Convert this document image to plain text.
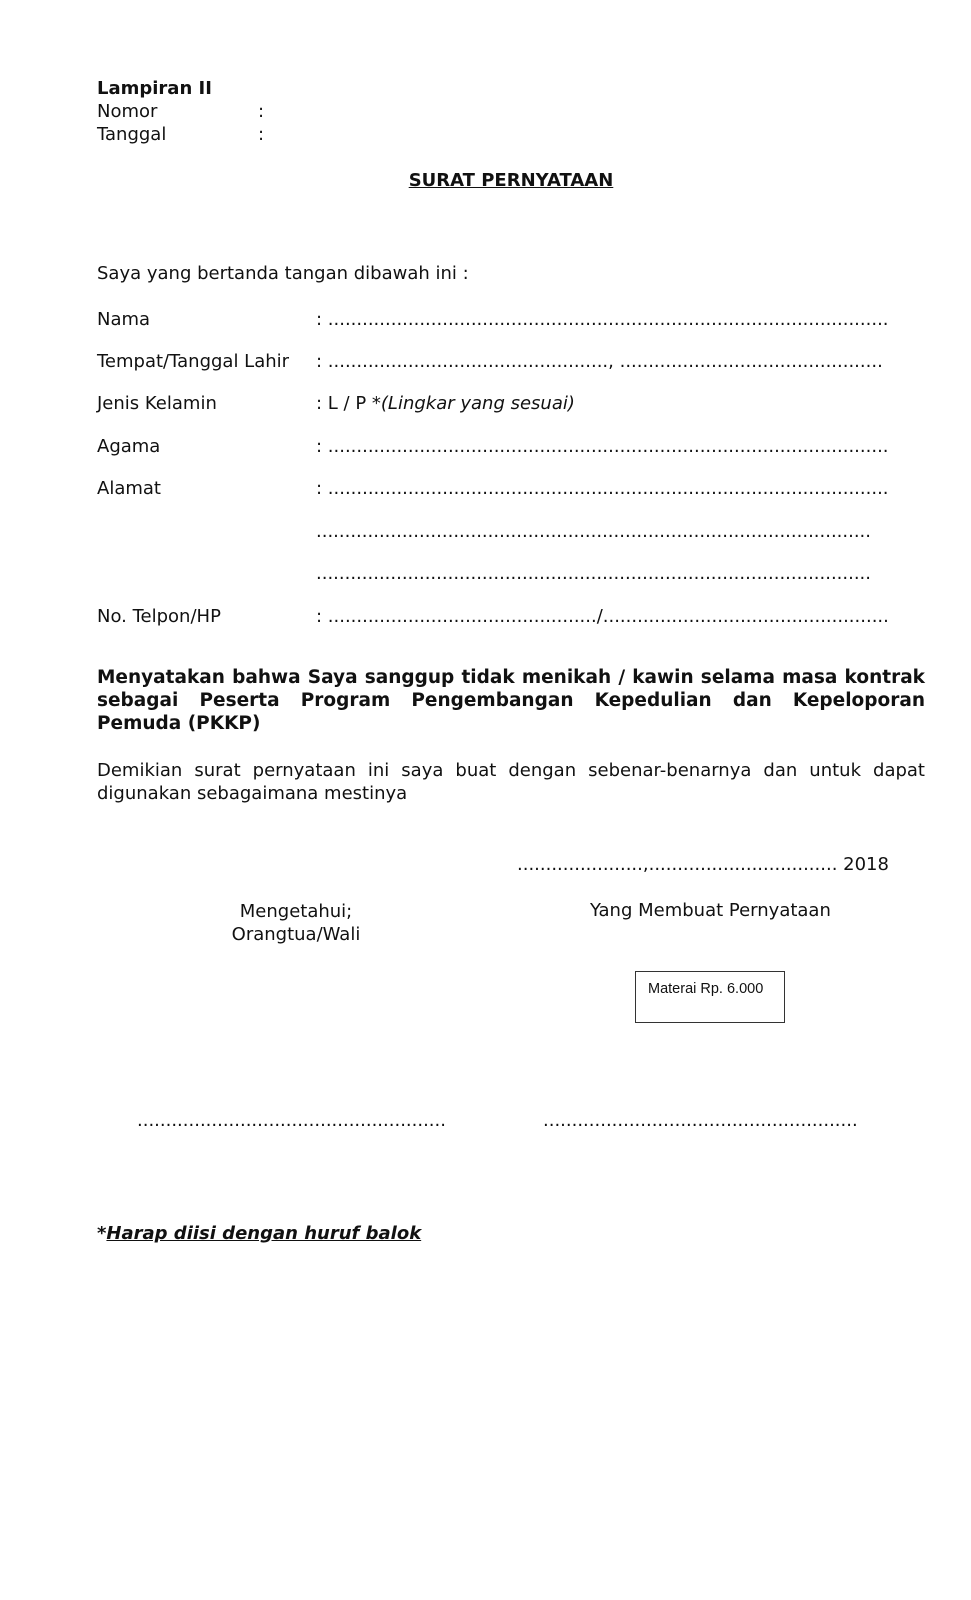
Lampiran II
Nomor	:
Tanggal	:
SURAT PERNYATAAN
Saya yang bertanda tangan dibawah ini :
Nama	: ..................................................................................................
Tempat/Tanggal Lahir : ................................................., ..............................................
Jenis Kelamin	: L / P *(Lingkar yang sesuai)
Agama	: ..................................................................................................
Alamat	: ..................................................................................................
.................................................................................................
.................................................................................................
No. Telpon/HP	: .............................................../..................................................
Menyatakan bahwa Saya sanggup tidak menikah / kawin selama masa kontrak sebagai Peserta Program Pengembangan Kepedulian dan Kepeloporan Pemuda (PKKP)
Demikian surat pernyataan ini saya buat dengan sebenar-benarnya dan untuk dapat digunakan sebagaimana mestinya
......................,................................. 2018
Mengetahui;
Orangtua/Wali
Yang Membuat Pernyataan
Materai Rp. 6.000
......................................................	.......................................................
*Harap diisi dengan huruf balok
